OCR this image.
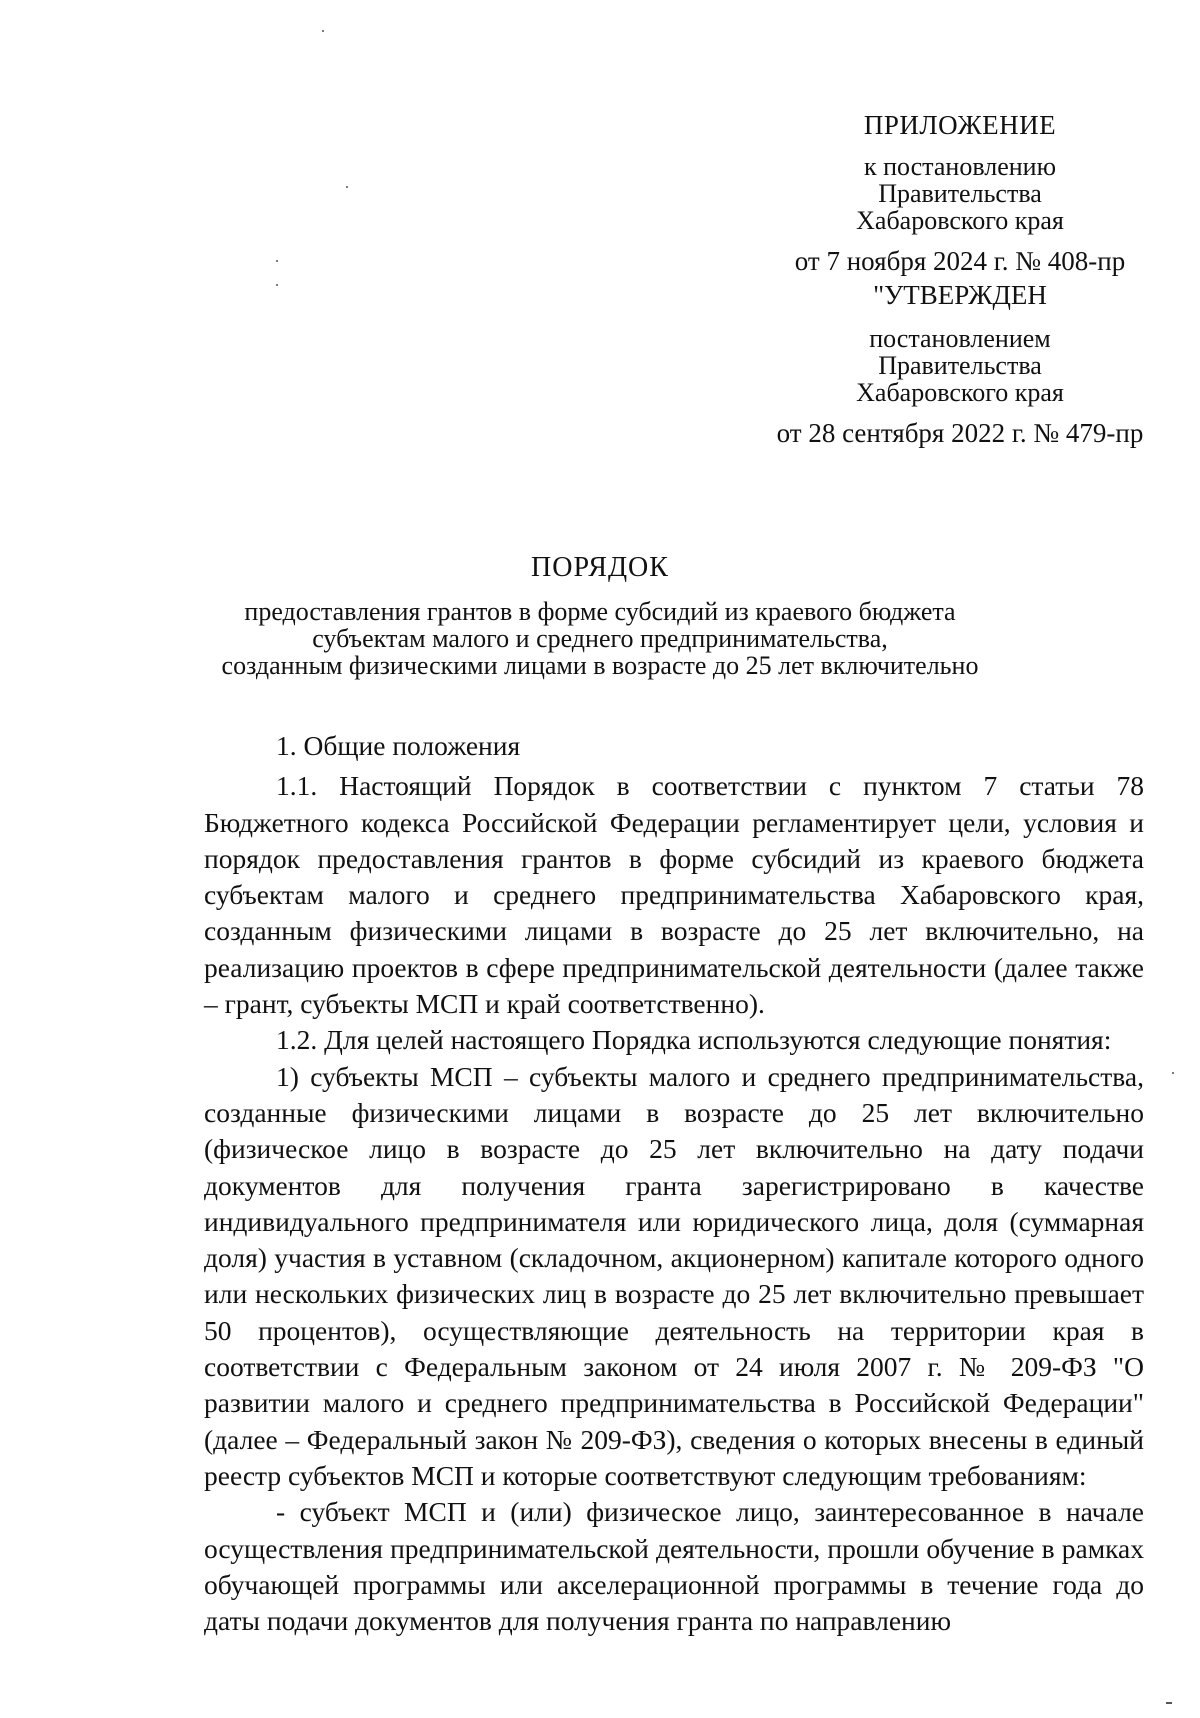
ПРИЛОЖЕНИЕ
к постановлению
Правительства
Хабаровского края
от 7 ноября 2024 г. № 408-пр
"УТВЕРЖДЕН
постановлением
Правительства
Хабаровского края
от 28 сентября 2022 г. № 479-пр
ПОРЯДОК
предоставления грантов в форме субсидий из краевого бюджета
субъектам малого и среднего предпринимательства,
созданным физическими лицами в возрасте до 25 лет включительно

1. Общие положения

1.1. Настоящий Порядок в соответствии с пунктом 7 статьи 78 Бюджетного кодекса Российской Федерации регламентирует цели, условия и порядок предоставления грантов в форме субсидий из краевого бюджета субъектам малого и среднего предпринимательства Хабаровского края, созданным физическими лицами в возрасте до 25 лет включительно, на реализацию проектов в сфере предпринимательской деятельности (далее также – грант, субъекты МСП и край соответственно).

1.2. Для целей настоящего Порядка используются следующие понятия:

1) субъекты МСП – субъекты малого и среднего предпринимательства, созданные физическими лицами в возрасте до 25 лет включительно (физическое лицо в возрасте до 25 лет включительно на дату подачи документов для получения гранта зарегистрировано в качестве индивидуального предпринимателя или юридического лица, доля (суммарная доля) участия в уставном (складочном, акционерном) капитале которого одного или нескольких физических лиц в возрасте до 25 лет включительно превышает 50 процентов), осуществляющие деятельность на территории края в соответствии с Федеральным законом от 24 июля 2007 г. № 209-ФЗ "О развитии малого и среднего предпринимательства в Российской Федерации" (далее – Федеральный закон № 209-ФЗ), сведения о которых внесены в единый реестр субъектов МСП и которые соответствуют следующим требованиям:

- субъект МСП и (или) физическое лицо, заинтересованное в начале осуществления предпринимательской деятельности, прошли обучение в рамках обучающей программы или акселерационной программы в течение года до даты подачи документов для получения гранта по направлению
